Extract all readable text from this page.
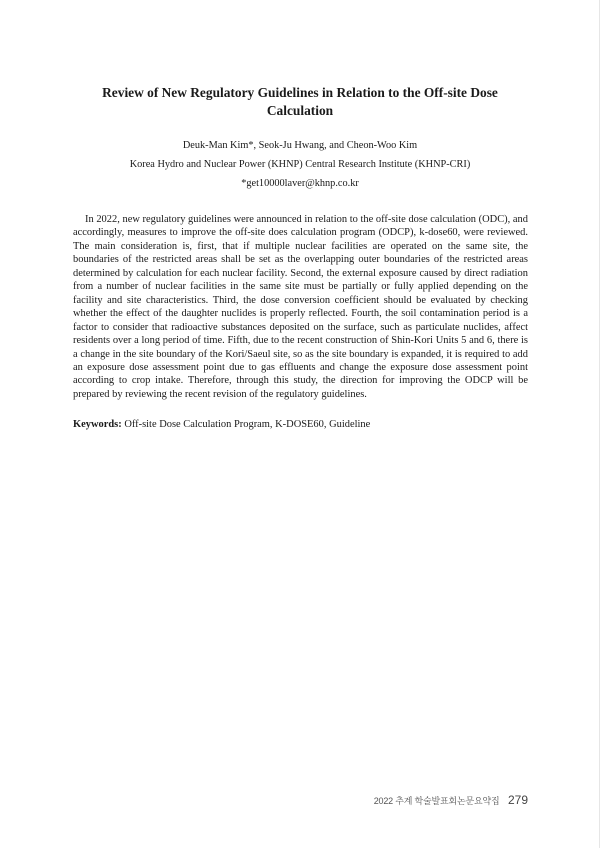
Review of New Regulatory Guidelines in Relation to the Off-site Dose Calculation

Deuk-Man Kim*, Seok-Ju Hwang, and Cheon-Woo Kim

Korea Hydro and Nuclear Power (KHNP) Central Research Institute (KHNP-CRI)

*get10000laver@khnp.co.kr

In 2022, new regulatory guidelines were announced in relation to the off-site dose calculation (ODC), and accordingly, measures to improve the off-site does calculation program (ODCP), k-dose60, were reviewed. The main consideration is, first, that if multiple nuclear facilities are operated on the same site, the boundaries of the restricted areas shall be set as the overlapping outer boundaries of the restricted areas determined by calculation for each nuclear facility. Second, the external exposure caused by direct radiation from a number of nuclear facilities in the same site must be partially or fully applied depending on the facility and site characteristics. Third, the dose conversion coefficient should be evaluated by checking whether the effect of the daughter nuclides is properly reflected. Fourth, the soil contamination period is a factor to consider that radioactive substances deposited on the surface, such as particulate nuclides, affect residents over a long period of time. Fifth, due to the recent construction of Shin-Kori Units 5 and 6, there is a change in the site boundary of the Kori/Saeul site, so as the site boundary is expanded, it is required to add an exposure dose assessment point due to gas effluents and change the exposure dose assessment point according to crop intake. Therefore, through this study, the direction for improving the ODCP will be prepared by reviewing the recent revision of the regulatory guidelines.

Keywords: Off-site Dose Calculation Program, K-DOSE60, Guideline

2022 추계 학술발표회논문요약집 279
